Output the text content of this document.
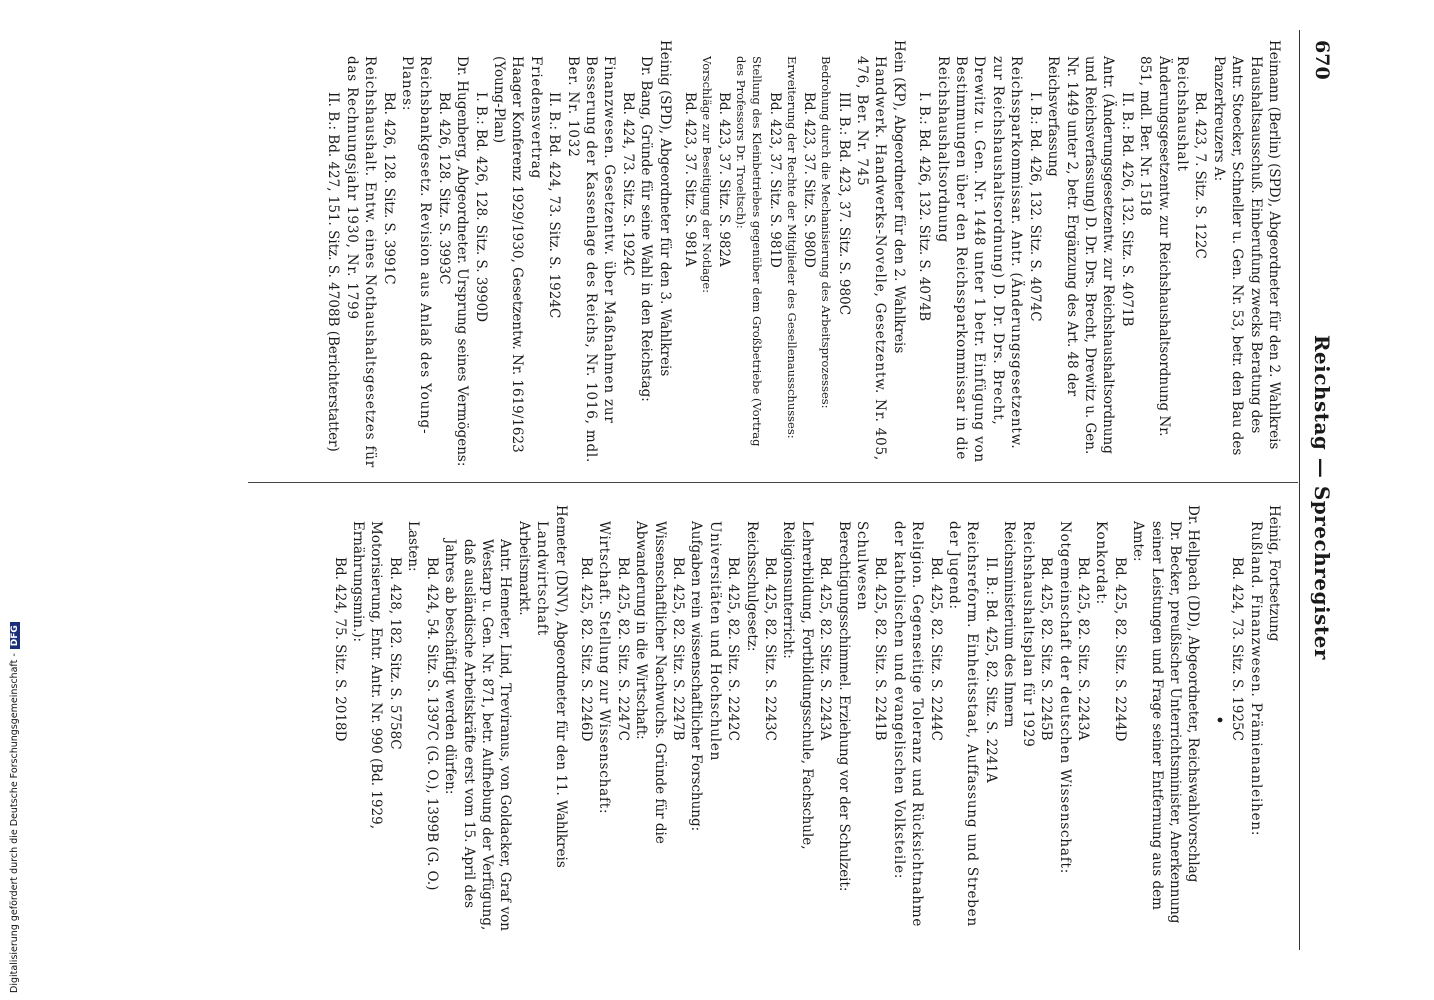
670
Reichstag — Sprechregister

Heimann (Berlin) (SPD), Abgeordneter für den 2. Wahlkreis

Haushaltsausschuß. Einberufung zwecks Beratung des Antr. Stoecker, Schneller u. Gen. Nr. 53, betr. den Bau des Panzerkreuzers A:

Bd. 423, 7. Sitz. S. 122C

Reichshaushalt

Änderungsgesetzentw. zur Reichshaushaltsordnung Nr. 851, mdl. Ber. Nr. 1518

II. B.: Bd. 426, 132. Sitz. S. 4071B

Antr. (Änderungsgesetzentw. zur Reichshaushaltsordnung und Reichsverfassung) D. Dr. Drs. Brecht, Drewitz u. Gen. Nr. 1449 unter 2, betr. Ergänzung des Art. 48 der Reichsverfassung

I. B.: Bd. 426, 132. Sitz. S. 4074C

Reichssparkommissar. Antr. (Änderungsgesetzentw. zur Reichshaushaltsordnung) D. Dr. Drs. Brecht, Drewitz u. Gen. Nr. 1448 unter 1 betr. Einfügung von Bestimmungen über den Reichssparkommissar in die Reichshaushaltsordnung

I. B.: Bd. 426, 132. Sitz. S. 4074B

Hein (KP), Abgeordneter für den 2. Wahlkreis

Handwerk. Handwerks-Novelle, Gesetzentw. Nr. 405, 476, Ber. Nr. 745

III. B.: Bd. 423, 37. Sitz. S. 980C

Bedrohung durch die Mechanisierung des Arbeitsprozesses:

Bd. 423, 37. Sitz. S. 980D

Erweiterung der Rechte der Mitglieder des Gesellenausschusses:

Bd. 423, 37. Sitz. S. 981D

Stellung des Kleinbetriebes gegenüber dem Großbetriebe (Vortrag des Professors Dr. Troeltsch):

Bd. 423, 37. Sitz. S. 982A

Vorschläge zur Beseitigung der Notlage:

Bd. 423, 37. Sitz. S. 981A

Heinig (SPD), Abgeordneter für den 3. Wahlkreis

Dr. Bang, Gründe für seine Wahl in den Reichstag:

Bd. 424, 73. Sitz. S. 1924C

Finanzwesen. Gesetzentw. über Maßnahmen zur Besserung der Kassenlage des Reichs, Nr. 1016, mdl. Ber. Nr. 1032

II. B.: Bd. 424, 73. Sitz. S. 1924C

Friedensvertrag

Haager Konferenz 1929/1930, Gesetzentw. Nr. 1619/1623 (Young-Plan)

I. B.: Bd. 426, 128. Sitz. S. 3990D

Dr. Hugenberg, Abgeordneter. Ursprung seines Vermögens:

Bd. 426, 128. Sitz. S. 3993C

Reichsbankgesetz. Revision aus Anlaß des Young-Planes:

Bd. 426, 128. Sitz. S. 3991C

Reichshaushalt. Entw. eines Nothaushaltsgesetzes für das Rechnungsjahr 1930, Nr. 1799

II. B.: Bd. 427, 151. Sitz. S. 4708B (Berichterstatter)

Heinig, Fortsetzung

Rußland. Finanzwesen. Prämienanleihen:

Bd. 424, 73. Sitz. S. 1925C

•

Dr. Hellpach (DD), Abgeordneter, Reichswahlvorschlag

Dr. Becker, preußischer Unterrichtsminister, Anerkennung seiner Leistungen und Frage seiner Entfernung aus dem Amte:

Bd. 425, 82. Sitz. S. 2244D

Konkordat:

Bd. 425, 82. Sitz. S. 2243A

Notgemeinschaft der deutschen Wissenschaft:

Bd. 425, 82. Sitz. S. 2245B

Reichshaushaltsplan für 1929

Reichsministerium des Innern

II. B.: Bd. 425, 82. Sitz. S. 2241A

Reichsreform. Einheitsstaat, Auffassung und Streben der Jugend:

Bd. 425, 82. Sitz. S. 2244C

Religion. Gegenseitige Toleranz und Rücksichtnahme der katholischen und evangelischen Volksteile:

Bd. 425, 82. Sitz. S. 2241B

Schulwesen

Berechtigungsschimmel. Erziehung vor der Schulzeit:

Bd. 425, 82. Sitz. S. 2243A

Lehrerbildung, Fortbildungsschule, Fachschule, Religionsunterricht:

Bd. 425, 82. Sitz. S. 2243C

Reichsschulgesetz:

Bd. 425, 82. Sitz. S. 2242C

Universitäten und Hochschulen

Aufgaben rein wissenschaftlicher Forschung:

Bd. 425, 82. Sitz. S. 2247B

Wissenschaftlicher Nachwuchs. Gründe für die Abwanderung in die Wirtschaft:

Bd. 425, 82. Sitz. S. 2247C

Wirtschaft. Stellung zur Wissenschaft:

Bd. 425, 82. Sitz. S. 2246D

Hemeter (DNV), Abgeordneter für den 11. Wahlkreis

Landwirtschaft

Arbeitsmarkt.

Antr. Hemeter, Lind, Treviranus, von Goldacker, Graf von Westarp u. Gen. Nr. 871, betr. Aufhebung der Verfügung, daß ausländische Arbeitskräfte erst vom 15. April des Jahres ab beschäftigt werden dürfen:

Bd. 424, 54. Sitz. S. 1397C (G. O.), 1399B (G. O.)

Lasten:

Bd. 428, 182. Sitz. S. 5758C

Motorisierung, Entr. Antr. Nr. 990 (Bd. 1929, Ernährungsmin.):

Bd. 424, 75. Sitz. S. 2018D

Digitalisierung gefördert durch die Deutsche Forschungsgemeinschaft -DFG
